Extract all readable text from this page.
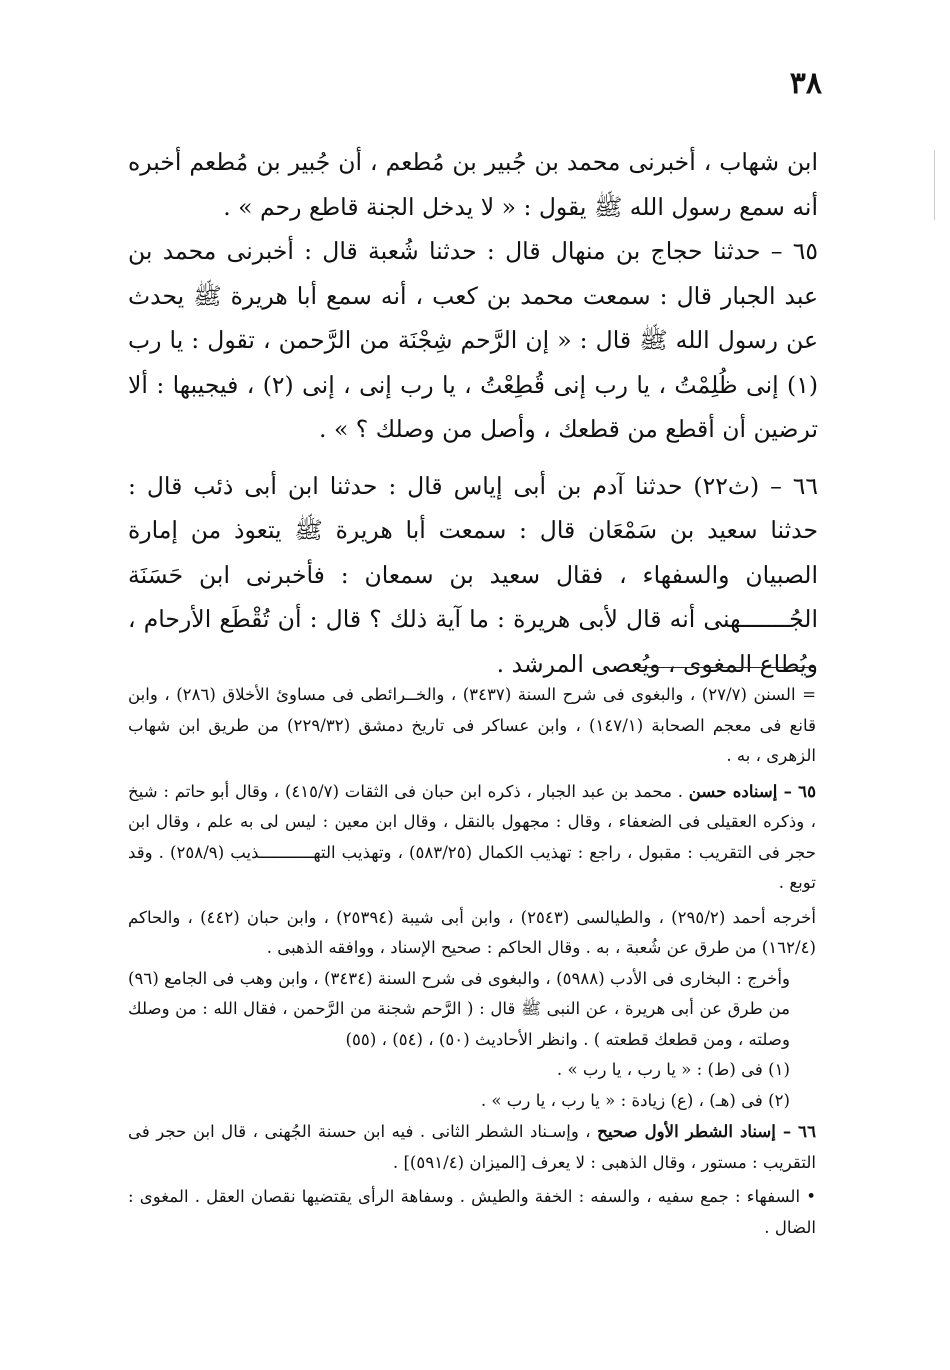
٣٨

ابن شهاب ، أخبرنى محمد بن جُبير بن مُطعم ، أن جُبير بن مُطعم أخبره أنه سمع رسول الله ﷺ يقول : « لا يدخل الجنة قاطع رحم » .

٦٥ – حدثنا حجاج بن منهال قال : حدثنا شُعبة قال : أخبرنى محمد بن عبد الجبار قال : سمعت محمد بن كعب ، أنه سمع أبا هريرة ﷺ يحدث عن رسول الله ﷺ قال : « إن الرَّحم شِجْنَة من الرَّحمن ، تقول : يا رب (١) إنى ظُلِمْتُ ، يا رب إنى قُطِعْتُ ، يا رب إنى ، إنى (٢) ، فيجيبها : ألا ترضين أن أقطع من قطعك ، وأصل من وصلك ؟ » .

٦٦ – (ث٢٢) حدثنا آدم بن أبى إياس قال : حدثنا ابن أبى ذئب قال : حدثنا سعيد بن سَمْعَان قال : سمعت أبا هريرة ﷺ يتعوذ من إمارة الصبيان والسفهاء ، فقال سعيد بن سمعان : فأخبرنى ابن حَسَنَة الجُـــــــهنى أنه قال لأبى هريرة : ما آية ذلك ؟ قال : أن تُقْطَع الأرحام ، ويُطاع المغوى ، ويُعصى المرشد .

= السنن (٢٧/٧) ، والبغوى فى شرح السنة (٣٤٣٧) ، والخــرائطى فى مساوئ الأخلاق (٢٨٦) ، وابن قانع فى معجم الصحابة (١٤٧/١) ، وابن عساكر فى تاريخ دمشق (٢٢٩/٣٢) من طريق ابن شهاب الزهرى ، به .

٦٥ – إسناده حسن . محمد بن عبد الجبار ، ذكره ابن حبان فى الثقات (٤١٥/٧) ، وقال أبو حاتم : شيخ ، وذكره العقيلى فى الضعفاء ، وقال : مجهول بالنقل ، وقال ابن معين : ليس لى به علم ، وقال ابن حجر فى التقريب : مقبول ، راجع : تهذيب الكمال (٥٨٣/٢٥) ، وتهذيب التهـــــــــــذيب (٢٥٨/٩) . وقد توبع .

أخرجه أحمد (٢٩٥/٢) ، والطيالسى (٢٥٤٣) ، وابن أبى شيبة (٢٥٣٩٤) ، وابن حبان (٤٤٢) ، والحاكم (١٦٢/٤) من طرق عن شُعبة ، به . وقال الحاكم : صحيح الإسناد ، ووافقه الذهبى .

وأخرج : البخارى فى الأدب (٥٩٨٨) ، والبغوى فى شرح السنة (٣٤٣٤) ، وابن وهب فى الجامع (٩٦) من طرق عن أبى هريرة ، عن النبى ﷺ قال : ( الرَّحم شجنة من الرَّحمن ، فقال الله : من وصلك وصلته ، ومن قطعك قطعته ) . وانظر الأحاديث (٥٠) ، (٥٤) ، (٥٥)

(١) فى (ط) : « يا رب ، يا رب » .

(٢) فى (هـ) ، (ع) زيادة : « يا رب ، يا رب » .

٦٦ – إسناد الشطر الأول صحيح ، وإسـناد الشطر الثانى . فيه ابن حسنة الجُهنى ، قال ابن حجر فى التقريب : مستور ، وقال الذهبى : لا يعرف [الميزان (٥٩١/٤)] .

• السفهاء : جمع سفيه ، والسفه : الخفة والطيش . وسفاهة الرأى يقتضيها نقصان العقل . المغوى : الضال .
